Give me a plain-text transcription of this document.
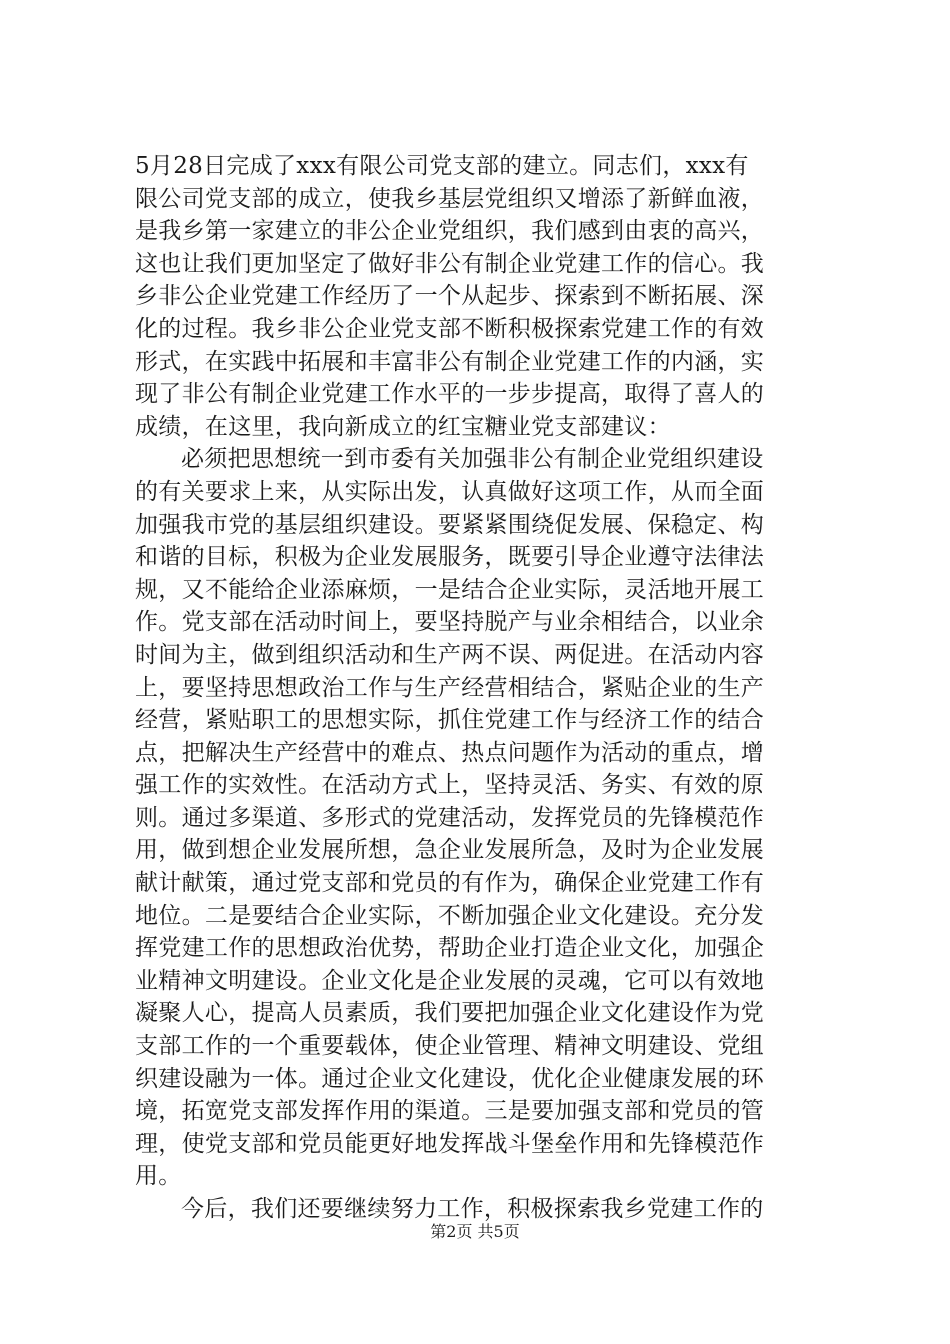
5月28日完成了xxx有限公司党支部的建立。同志们，xxx有
限公司党支部的成立，使我乡基层党组织又增添了新鲜血液，
是我乡第一家建立的非公企业党组织，我们感到由衷的高兴，
这也让我们更加坚定了做好非公有制企业党建工作的信心。我
乡非公企业党建工作经历了一个从起步、探索到不断拓展、深
化的过程。我乡非公企业党支部不断积极探索党建工作的有效
形式，在实践中拓展和丰富非公有制企业党建工作的内涵，实
现了非公有制企业党建工作水平的一步步提高，取得了喜人的
成绩，在这里，我向新成立的红宝糖业党支部建议：
必须把思想统一到市委有关加强非公有制企业党组织建设
的有关要求上来，从实际出发，认真做好这项工作，从而全面
加强我市党的基层组织建设。要紧紧围绕促发展、保稳定、构
和谐的目标，积极为企业发展服务，既要引导企业遵守法律法
规，又不能给企业添麻烦，一是结合企业实际，灵活地开展工
作。党支部在活动时间上，要坚持脱产与业余相结合，以业余
时间为主，做到组织活动和生产两不误、两促进。在活动内容
上，要坚持思想政治工作与生产经营相结合，紧贴企业的生产
经营，紧贴职工的思想实际，抓住党建工作与经济工作的结合
点，把解决生产经营中的难点、热点问题作为活动的重点，增
强工作的实效性。在活动方式上，坚持灵活、务实、有效的原
则。通过多渠道、多形式的党建活动，发挥党员的先锋模范作
用，做到想企业发展所想，急企业发展所急，及时为企业发展
献计献策，通过党支部和党员的有作为，确保企业党建工作有
地位。二是要结合企业实际，不断加强企业文化建设。充分发
挥党建工作的思想政治优势，帮助企业打造企业文化，加强企
业精神文明建设。企业文化是企业发展的灵魂，它可以有效地
凝聚人心，提高人员素质，我们要把加强企业文化建设作为党
支部工作的一个重要载体，使企业管理、精神文明建设、党组
织建设融为一体。通过企业文化建设，优化企业健康发展的环
境，拓宽党支部发挥作用的渠道。三是要加强支部和党员的管
理，使党支部和党员能更好地发挥战斗堡垒作用和先锋模范作
用。
今后，我们还要继续努力工作，积极探索我乡党建工作的
第2页 共5页
